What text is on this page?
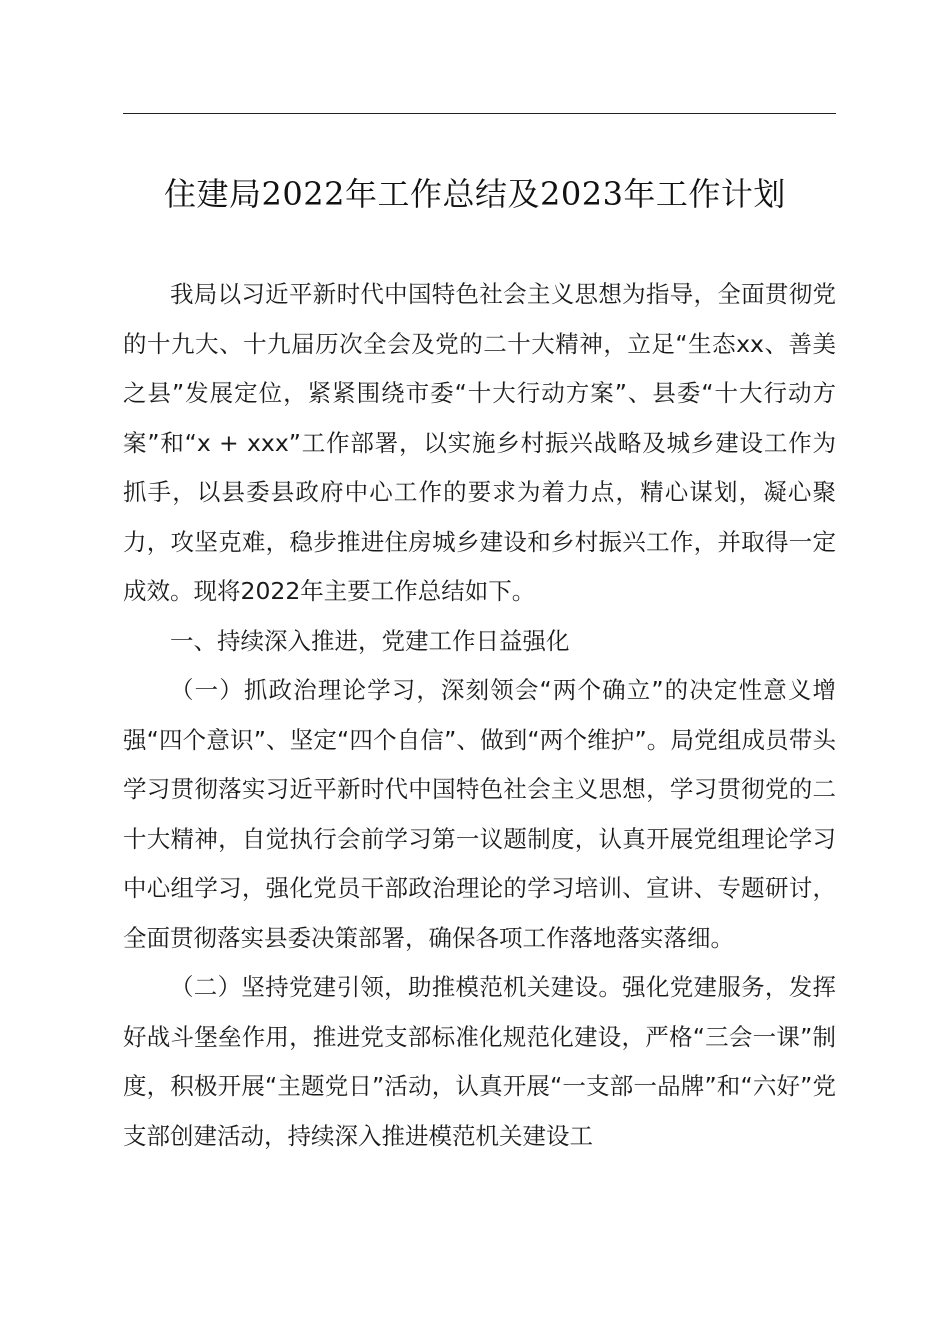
住建局2022年工作总结及2023年工作计划

我局以习近平新时代中国特色社会主义思想为指导，全面贯彻党的十九大、十九届历次全会及党的二十大精神，立足“生态xx、善美之县”发展定位，紧紧围绕市委“十大行动方案”、县委“十大行动方案”和“x + xxx”工作部署，以实施乡村振兴战略及城乡建设工作为抓手，以县委县政府中心工作的要求为着力点，精心谋划，凝心聚力，攻坚克难，稳步推进住房城乡建设和乡村振兴工作，并取得一定成效。现将2022年主要工作总结如下。

一、持续深入推进，党建工作日益强化

（一）抓政治理论学习，深刻领会“两个确立”的决定性意义增强“四个意识”、坚定“四个自信”、做到“两个维护”。局党组成员带头学习贯彻落实习近平新时代中国特色社会主义思想，学习贯彻党的二十大精神，自觉执行会前学习第一议题制度，认真开展党组理论学习中心组学习，强化党员干部政治理论的学习培训、宣讲、专题研讨，全面贯彻落实县委决策部署，确保各项工作落地落实落细。

（二）坚持党建引领，助推模范机关建设。强化党建服务，发挥好战斗堡垒作用，推进党支部标准化规范化建设，严格“三会一课”制度，积极开展“主题党日”活动，认真开展“一支部一品牌”和“六好”党支部创建活动，持续深入推进模范机关建设工
